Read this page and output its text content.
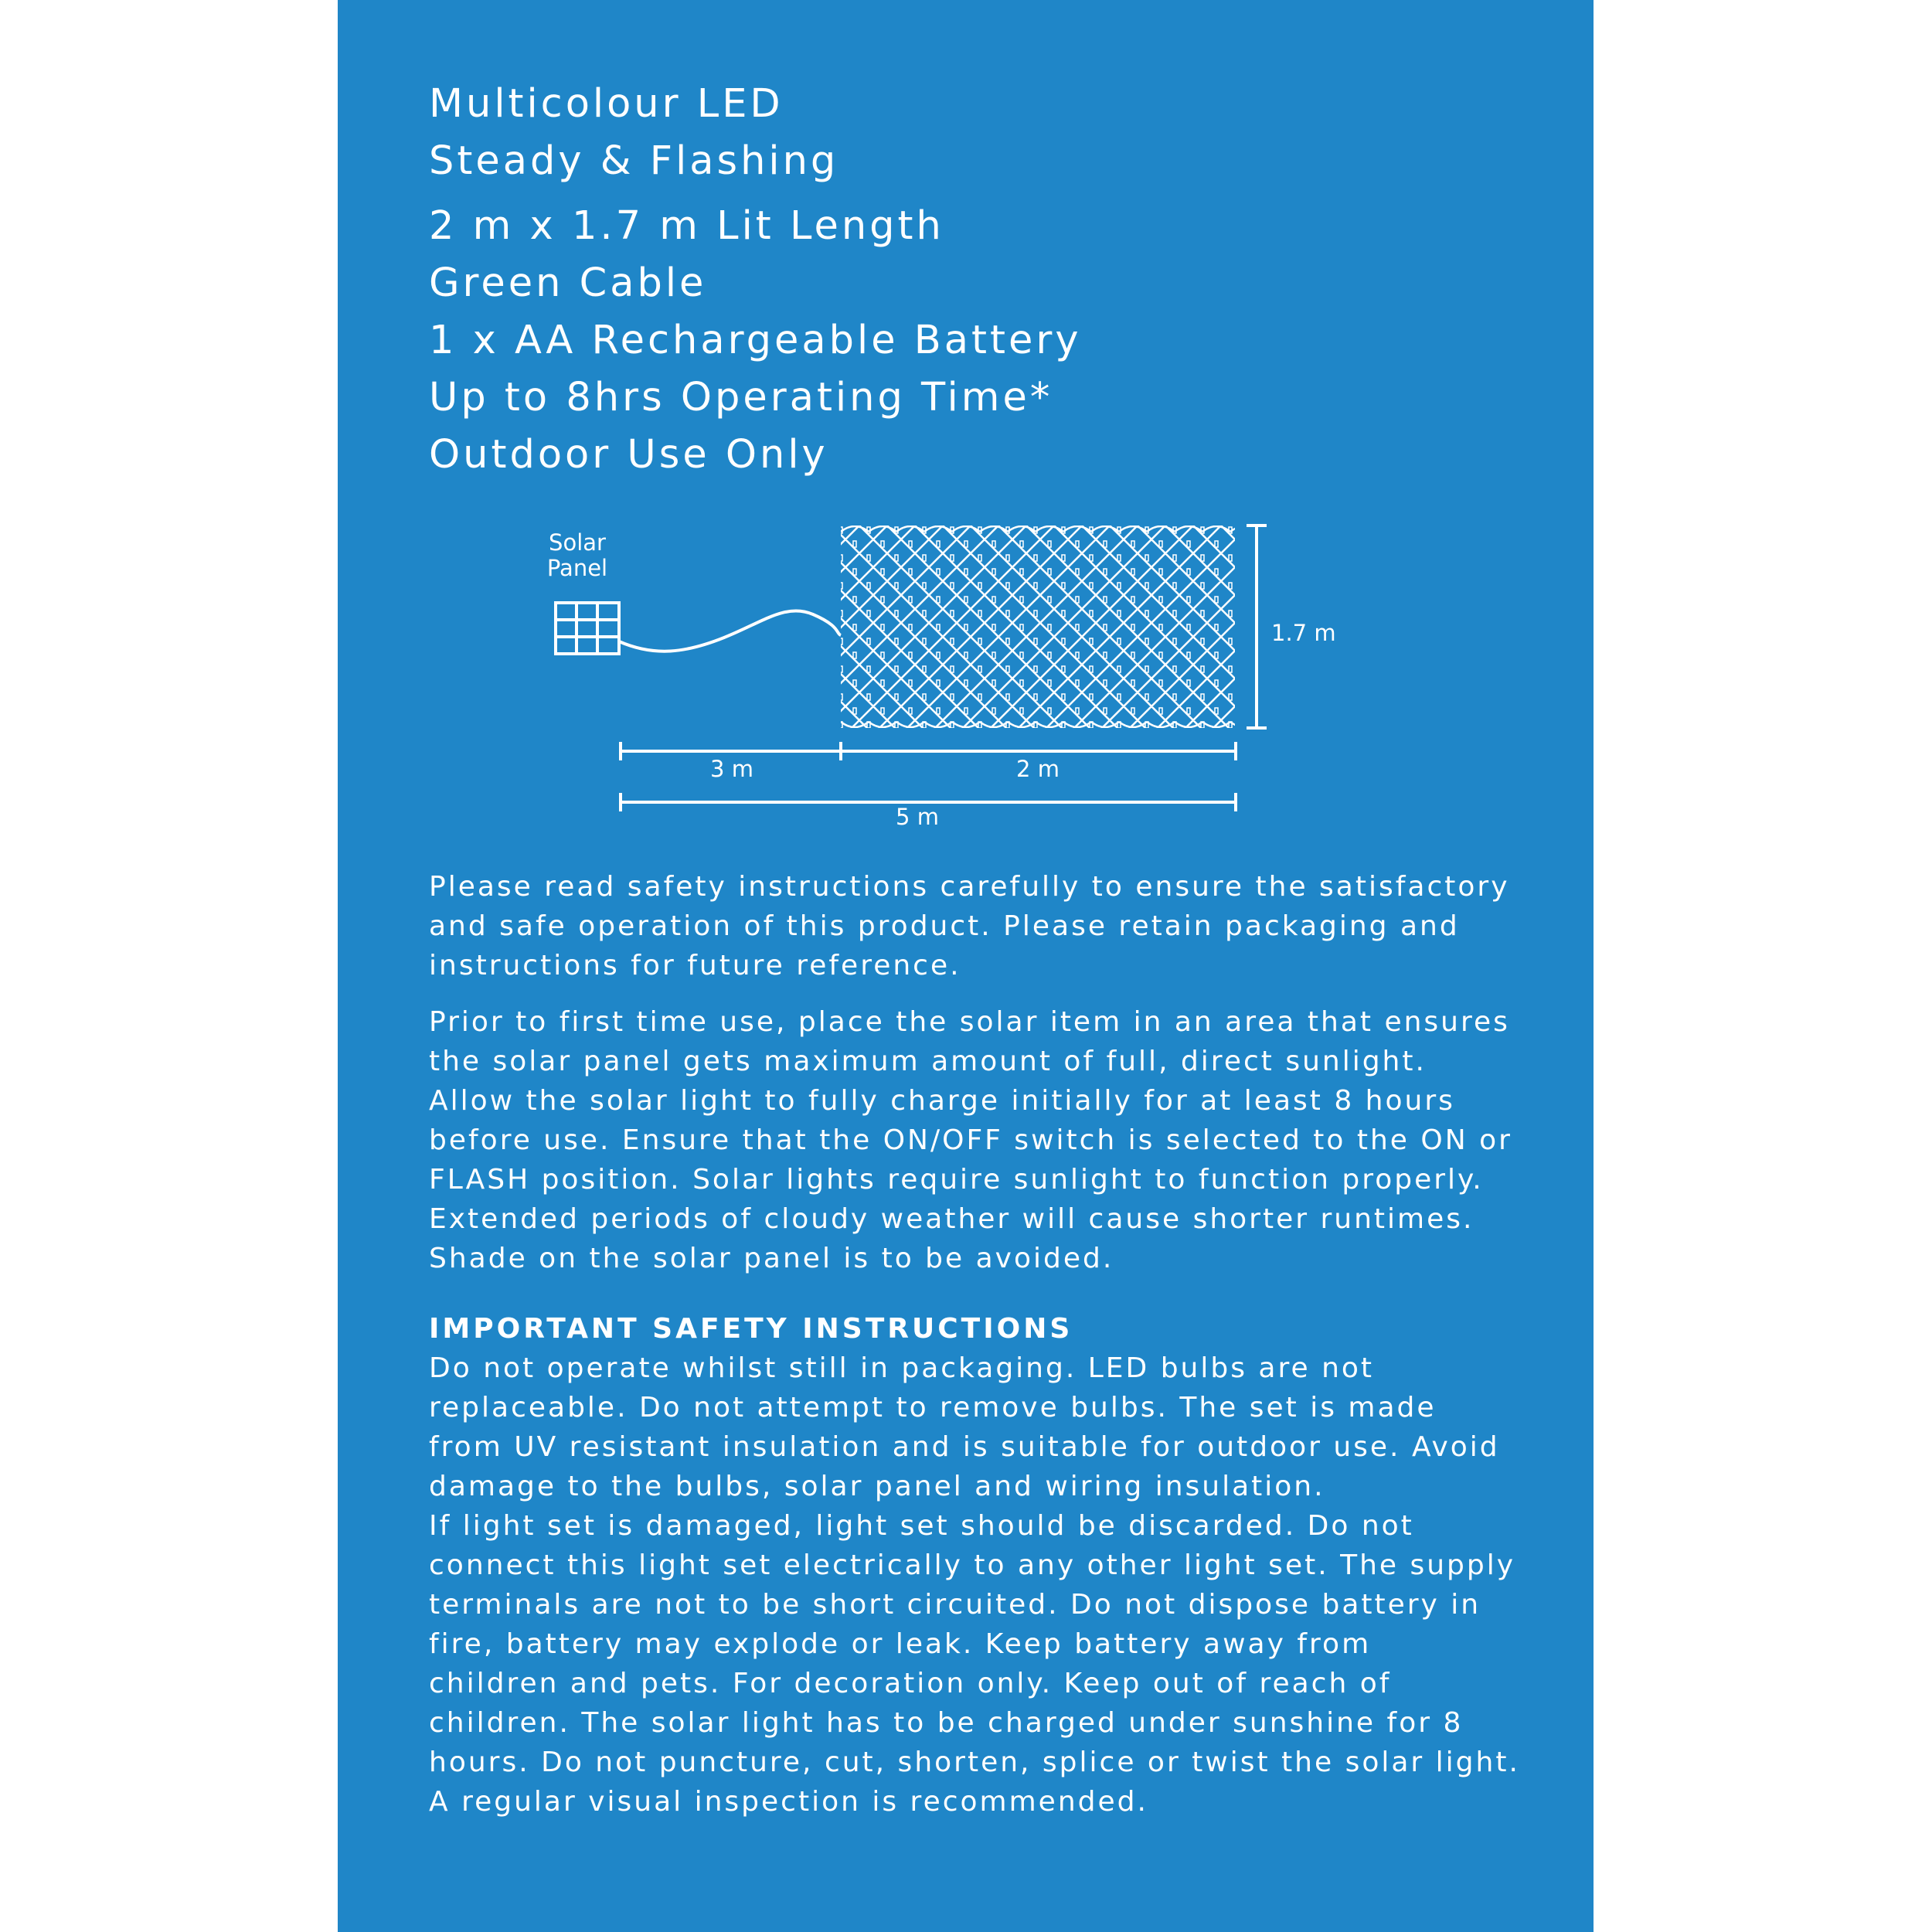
Multicolour LED
Steady & Flashing
2 m x 1.7 m Lit Length
Green Cable
1 x AA Rechargeable Battery
Up to 8hrs Operating Time*
Outdoor Use Only
Solar
Panel
1.7 m
3 m	2 m
5 m

Please read safety instructions carefully to ensure the satisfactory

and safe operation of this product. Please retain packaging and

instructions for future reference.

Prior to first time use, place the solar item in an area that ensures

the solar panel gets maximum amount of full, direct sunlight.

Allow the solar light to fully charge initially for at least 8 hours

before use. Ensure that the ON/OFF switch is selected to the ON or

FLASH position. Solar lights require sunlight to function properly.

Extended periods of cloudy weather will cause shorter runtimes.

Shade on the solar panel is to be avoided.

IMPORTANT SAFETY INSTRUCTIONS

Do not operate whilst still in packaging. LED bulbs are not

replaceable. Do not attempt to remove bulbs. The set is made

from UV resistant insulation and is suitable for outdoor use. Avoid

damage to the bulbs, solar panel and wiring insulation.

If light set is damaged, light set should be discarded. Do not

connect this light set electrically to any other light set. The supply

terminals are not to be short circuited. Do not dispose battery in

fire, battery may explode or leak. Keep battery away from

children and pets. For decoration only. Keep out of reach of

children. The solar light has to be charged under sunshine for 8

hours. Do not puncture, cut, shorten, splice or twist the solar light.

A regular visual inspection is recommended.
